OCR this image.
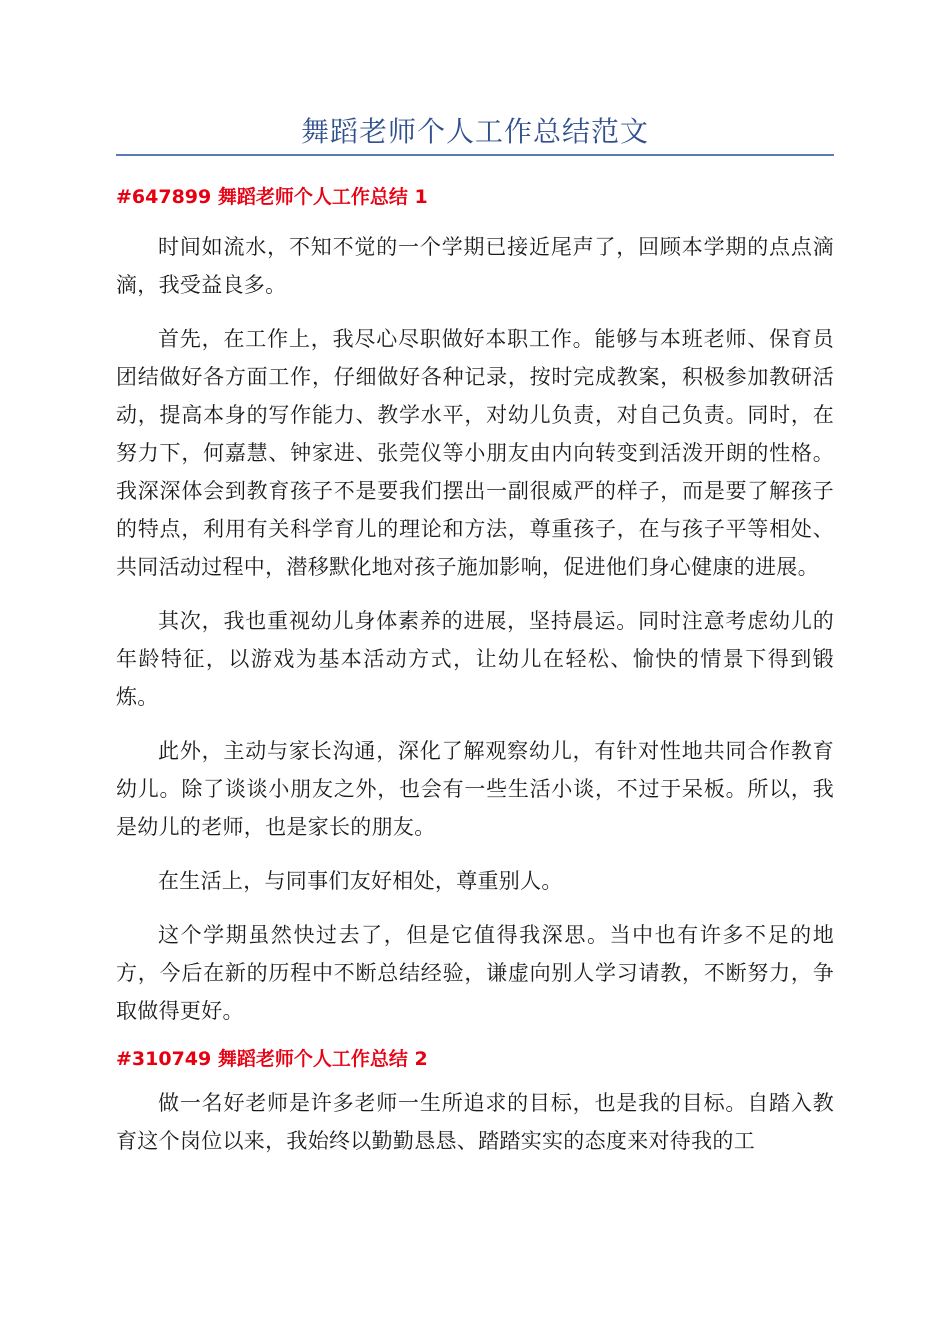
舞蹈老师个人工作总结范文
#647899 舞蹈老师个人工作总结 1

时间如流水，不知不觉的一个学期已接近尾声了，回顾本学期的点点滴滴，我受益良多。

首先，在工作上，我尽心尽职做好本职工作。能够与本班老师、保育员团结做好各方面工作，仔细做好各种记录，按时完成教案，积极参加教研活动，提高本身的写作能力、教学水平，对幼儿负责，对自己负责。同时，在努力下，何嘉慧、钟家进、张莞仪等小朋友由内向转变到活泼开朗的性格。我深深体会到教育孩子不是要我们摆出一副很威严的样子，而是要了解孩子的特点，利用有关科学育儿的理论和方法，尊重孩子，在与孩子平等相处、共同活动过程中，潜移默化地对孩子施加影响，促进他们身心健康的进展。

其次，我也重视幼儿身体素养的进展，坚持晨运。同时注意考虑幼儿的年龄特征，以游戏为基本活动方式，让幼儿在轻松、愉快的情景下得到锻炼。

此外，主动与家长沟通，深化了解观察幼儿，有针对性地共同合作教育幼儿。除了谈谈小朋友之外，也会有一些生活小谈，不过于呆板。所以，我是幼儿的老师，也是家长的朋友。

在生活上，与同事们友好相处，尊重别人。

这个学期虽然快过去了，但是它值得我深思。当中也有许多不足的地方，今后在新的历程中不断总结经验，谦虚向别人学习请教，不断努力，争取做得更好。

#310749 舞蹈老师个人工作总结 2

做一名好老师是许多老师一生所追求的目标，也是我的目标。自踏入教育这个岗位以来，我始终以勤勤恳恳、踏踏实实的态度来对待我的工
